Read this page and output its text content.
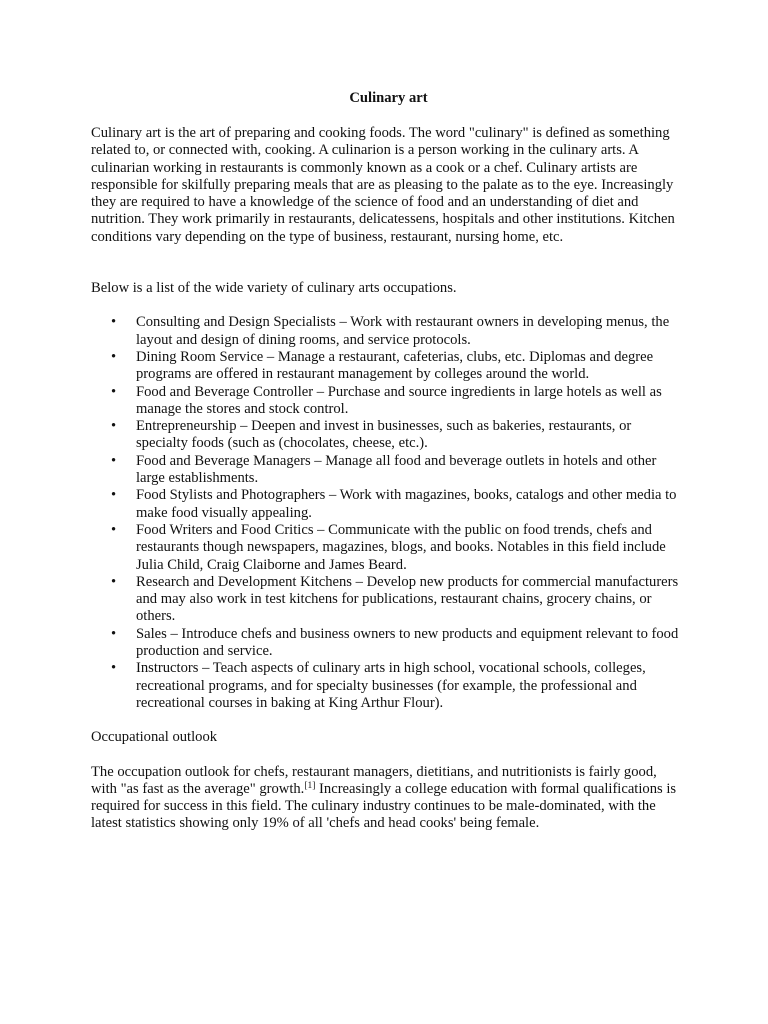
Culinary art

Culinary art is the art of preparing and cooking foods. The word "culinary" is defined as something related to, or connected with, cooking. A culinarion is a person working in the culinary arts. A culinarian working in restaurants is commonly known as a cook or a chef. Culinary artists are responsible for skilfully preparing meals that are as pleasing to the palate as to the eye. Increasingly they are required to have a knowledge of the science of food and an understanding of diet and nutrition. They work primarily in restaurants, delicatessens, hospitals and other institutions. Kitchen conditions vary depending on the type of business, restaurant, nursing home, etc.

Below is a list of the wide variety of culinary arts occupations.

• Consulting and Design Specialists – Work with restaurant owners in developing menus, the layout and design of dining rooms, and service protocols.
• Dining Room Service – Manage a restaurant, cafeterias, clubs, etc. Diplomas and degree programs are offered in restaurant management by colleges around the world.
• Food and Beverage Controller – Purchase and source ingredients in large hotels as well as manage the stores and stock control.
• Entrepreneurship – Deepen and invest in businesses, such as bakeries, restaurants, or specialty foods (such as (chocolates, cheese, etc.).
• Food and Beverage Managers – Manage all food and beverage outlets in hotels and other large establishments.
• Food Stylists and Photographers – Work with magazines, books, catalogs and other media to make food visually appealing.
• Food Writers and Food Critics – Communicate with the public on food trends, chefs and restaurants though newspapers, magazines, blogs, and books. Notables in this field include Julia Child, Craig Claiborne and James Beard.
• Research and Development Kitchens – Develop new products for commercial manufacturers and may also work in test kitchens for publications, restaurant chains, grocery chains, or others.
• Sales – Introduce chefs and business owners to new products and equipment relevant to food production and service.
• Instructors – Teach aspects of culinary arts in high school, vocational schools, colleges, recreational programs, and for specialty businesses (for example, the professional and recreational courses in baking at King Arthur Flour).

Occupational outlook

The occupation outlook for chefs, restaurant managers, dietitians, and nutritionists is fairly good, with "as fast as the average" growth.[1] Increasingly a college education with formal qualifications is required for success in this field. The culinary industry continues to be male-dominated, with the latest statistics showing only 19% of all 'chefs and head cooks' being female.
